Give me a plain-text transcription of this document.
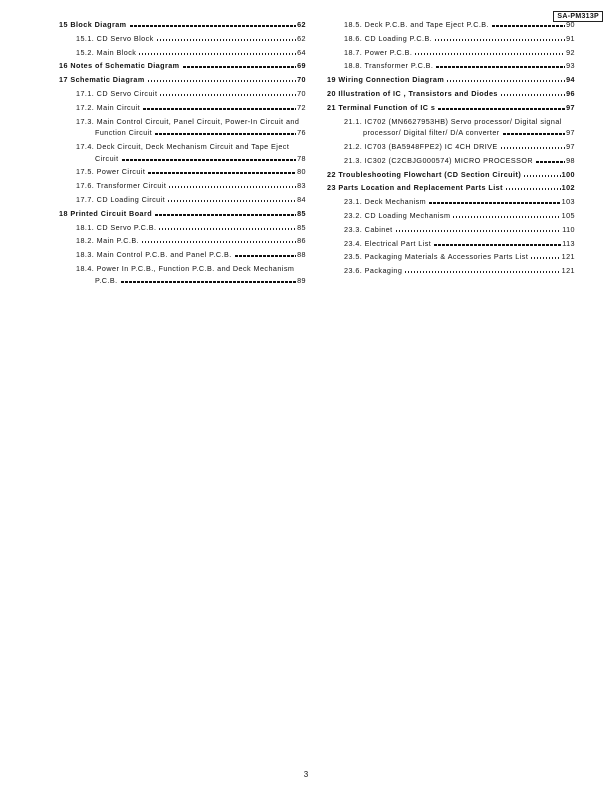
SA-PM313P
15 Block Diagram	62
15.1. CD Servo Block	62
15.2. Main Block	64
16 Notes of Schematic Diagram	69
17 Schematic Diagram	70
17.1. CD Servo Circuit	70
17.2. Main Circuit	72
17.3. Main Control Circuit, Panel Circuit, Power-In Circuit and
Function Circuit	76
17.4. Deck Circuit, Deck Mechanism Circuit and Tape Eject
Circuit	78
17.5. Power Circuit	80
17.6. Transformer Circuit	83
17.7. CD Loading Circuit	84
18 Printed Circuit Board	85
18.1. CD Servo P.C.B.	85
18.2. Main P.C.B.	86
18.3. Main Control P.C.B. and Panel P.C.B.	88
18.4. Power In P.C.B., Function P.C.B. and Deck Mechanism
P.C.B.	89
18.5. Deck P.C.B. and Tape Eject P.C.B.	90
18.6. CD Loading P.C.B.	91
18.7. Power P.C.B.	92
18.8. Transformer P.C.B.	93
19 Wiring Connection Diagram	94
20 Illustration of IC , Transistors and Diodes	96
21 Terminal Function of IC s	97
21.1. IC702 (MN6627953HB) Servo processor/ Digital signal
processor/ Digital filter/ D/A converter	97
21.2. IC703 (BA5948FPE2) IC 4CH DRIVE	97
21.3. IC302 (C2CBJG000574) MICRO PROCESSOR	98
22 Troubleshooting Flowchart (CD Section Circuit)	100
23 Parts Location and Replacement Parts List	102
23.1. Deck Mechanism	103
23.2. CD Loading Mechanism	105
23.3. Cabinet	110
23.4. Electrical Part List	113
23.5. Packaging Materials & Accessories Parts List	121
23.6. Packaging	121
3
